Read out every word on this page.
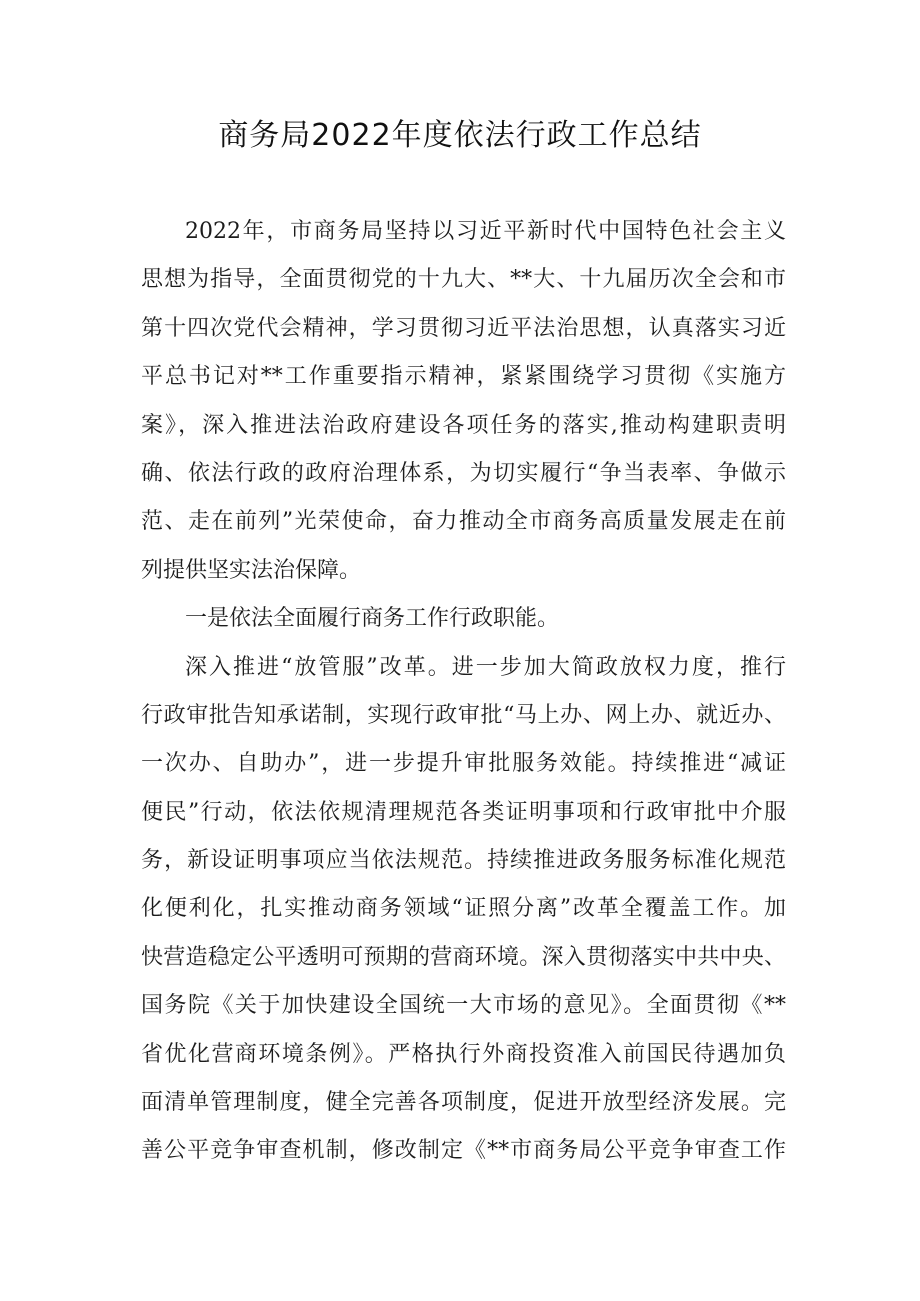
商务局2022年度依法行政工作总结
2022年，市商务局坚持以习近平新时代中国特色社会主义
思想为指导，全面贯彻党的十九大、**大、十九届历次全会和市
第十四次党代会精神，学习贯彻习近平法治思想，认真落实习近
平总书记对**工作重要指示精神，紧紧围绕学习贯彻《实施方
案》，深入推进法治政府建设各项任务的落实,推动构建职责明
确、依法行政的政府治理体系，为切实履行“争当表率、争做示
范、走在前列”光荣使命，奋力推动全市商务高质量发展走在前
列提供坚实法治保障。
一是依法全面履行商务工作行政职能。
深入推进“放管服”改革。进一步加大简政放权力度，推行
行政审批告知承诺制，实现行政审批“马上办、网上办、就近办、
一次办、自助办”，进一步提升审批服务效能。持续推进“减证
便民”行动，依法依规清理规范各类证明事项和行政审批中介服
务，新设证明事项应当依法规范。持续推进政务服务标准化规范
化便利化，扎实推动商务领域“证照分离”改革全覆盖工作。加
快营造稳定公平透明可预期的营商环境。深入贯彻落实中共中央、
国务院《关于加快建设全国统一大市场的意见》。全面贯彻《**
省优化营商环境条例》。严格执行外商投资准入前国民待遇加负
面清单管理制度，健全完善各项制度，促进开放型经济发展。完
善公平竞争审查机制，修改制定《**市商务局公平竞争审查工作
